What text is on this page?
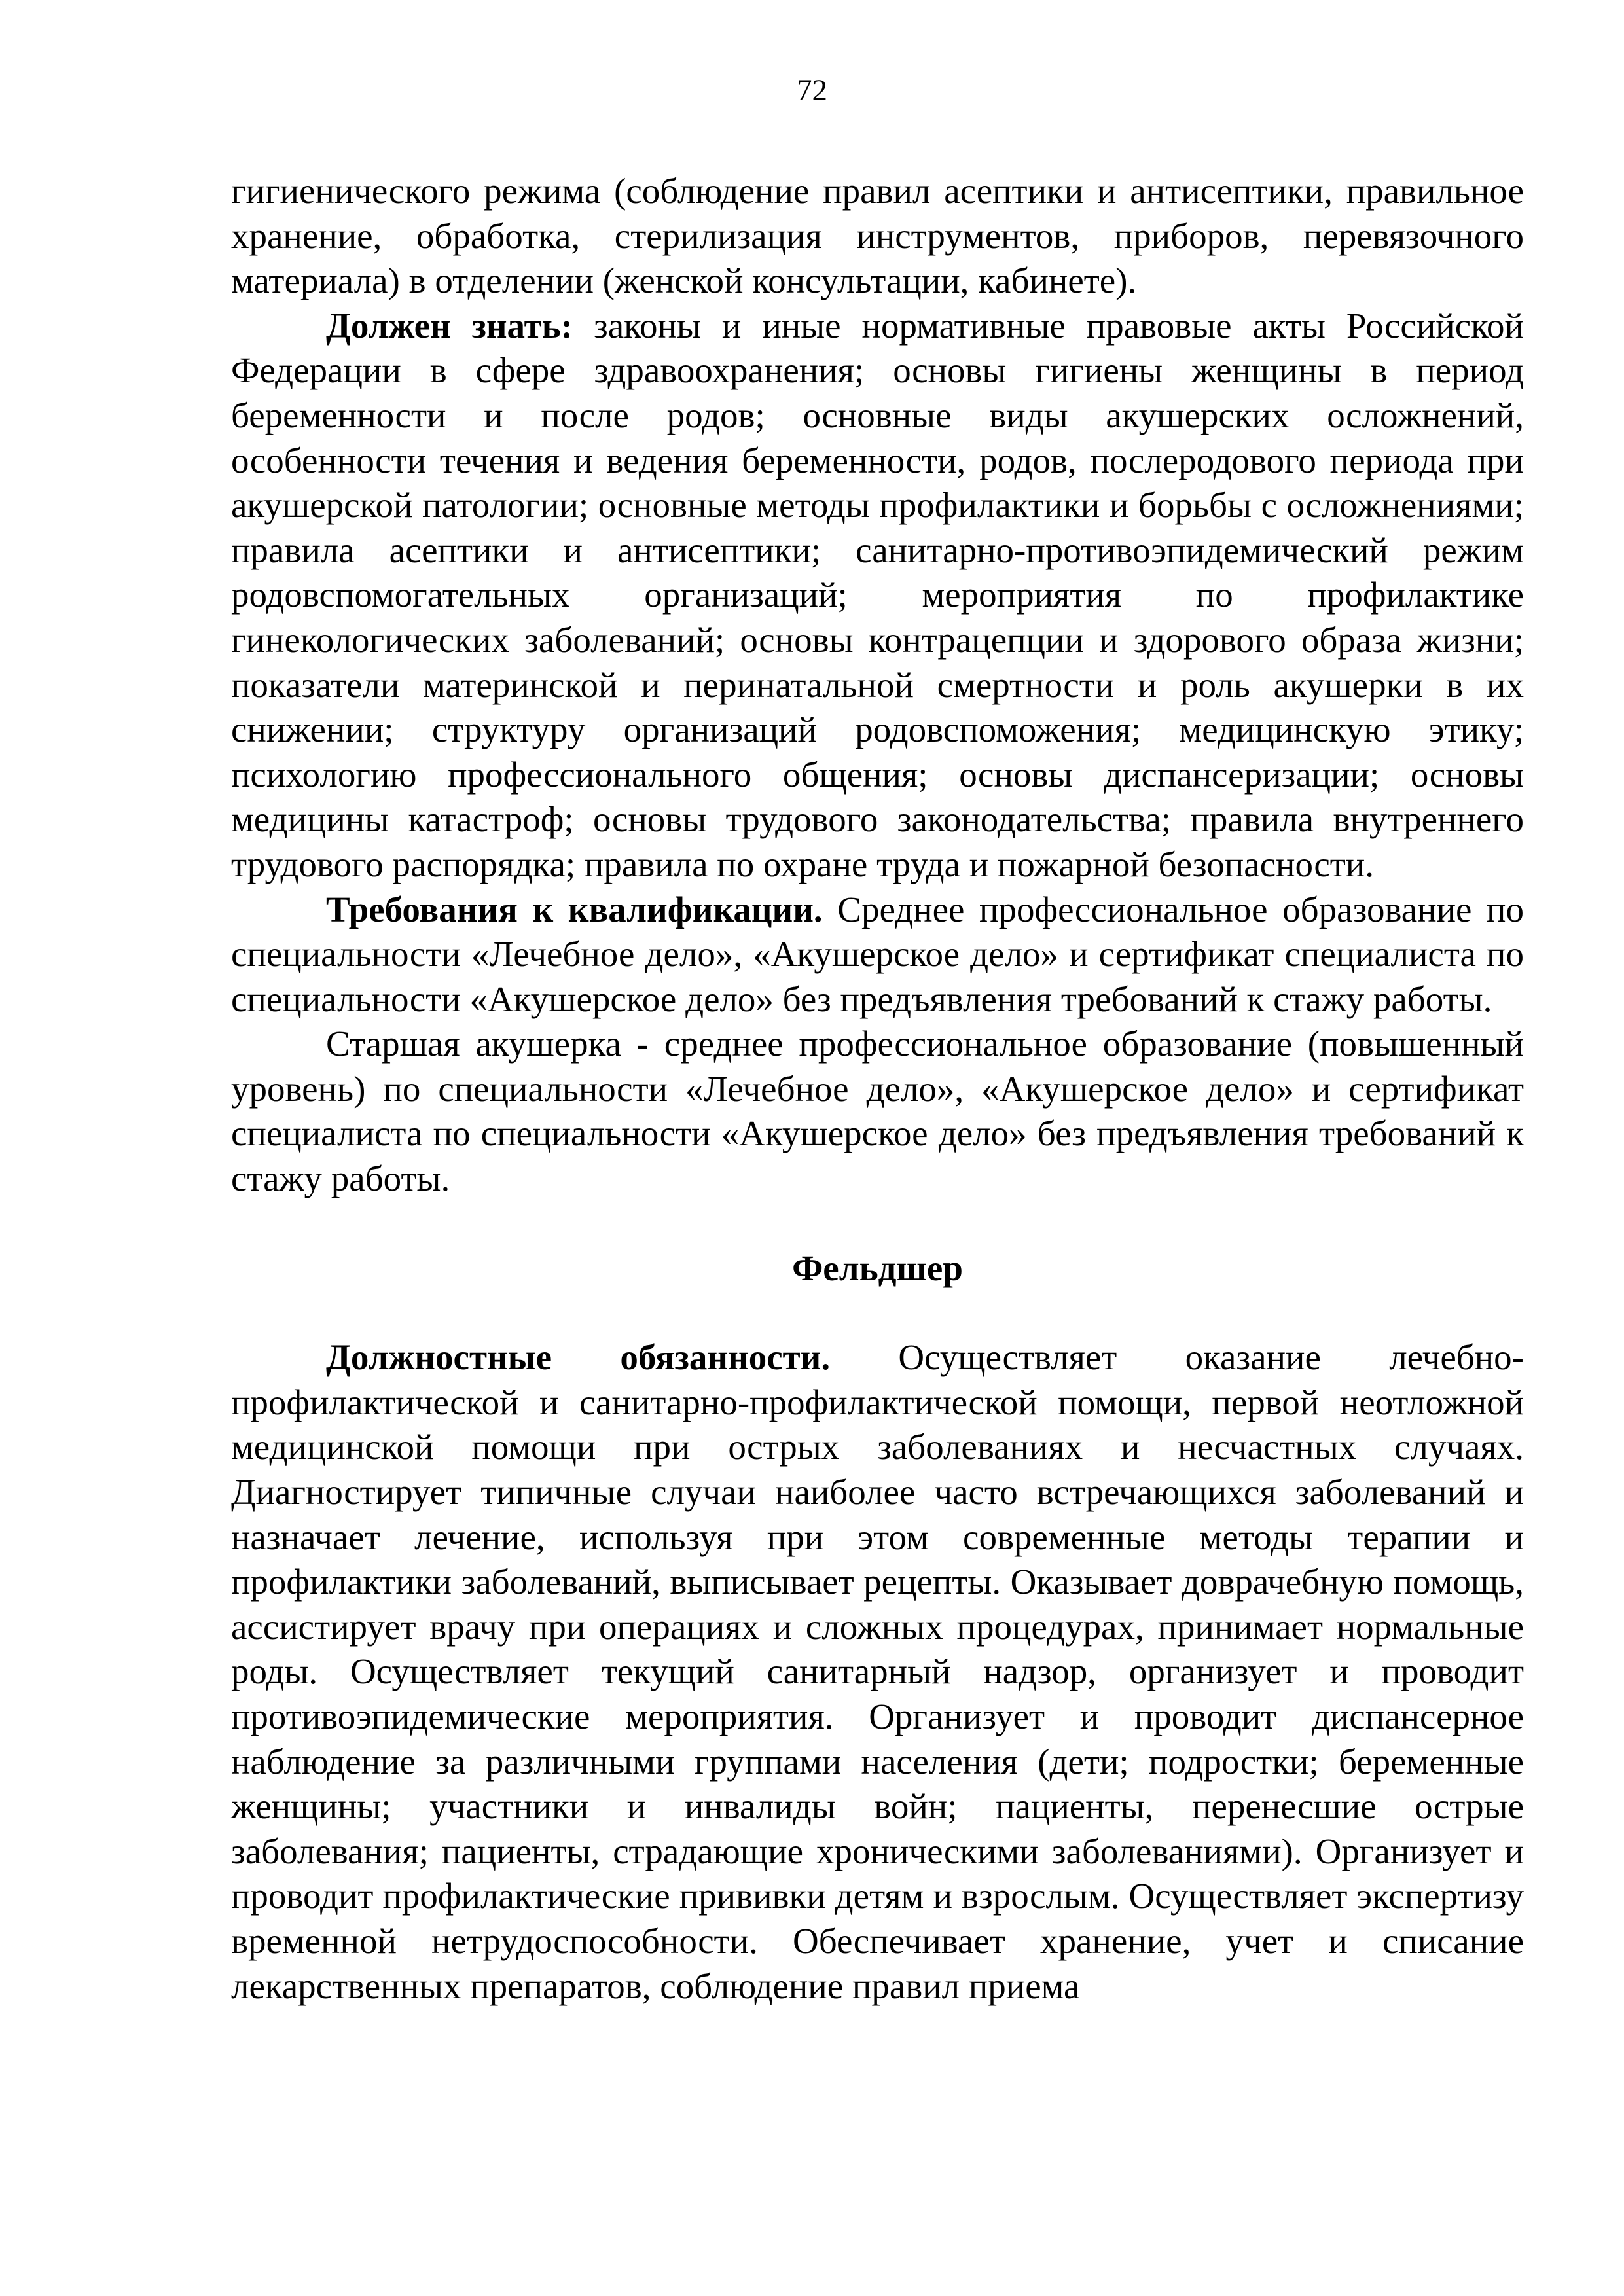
72

гигиенического режима (соблюдение правил асептики и антисептики, правильное хранение, обработка, стерилизация инструментов, приборов, перевязочного материала) в отделении (женской консультации, кабинете).

Должен знать: законы и иные нормативные правовые акты Российской Федерации в сфере здравоохранения; основы гигиены женщины в период беременности и после родов; основные виды акушерских осложнений, особенности течения и ведения беременности, родов, послеродового периода при акушерской патологии; основные методы профилактики и борьбы с осложнениями; правила асептики и антисептики; санитарно-противоэпидемический режим родовспомогательных организаций; мероприятия по профилактике гинекологических заболеваний; основы контрацепции и здорового образа жизни; показатели материнской и перинатальной смертности и роль акушерки в их снижении; структуру организаций родовспоможения; медицинскую этику; психологию профессионального общения; основы диспансеризации; основы медицины катастроф; основы трудового законодательства; правила внутреннего трудового распорядка; правила по охране труда и пожарной безопасности.

Требования к квалификации. Среднее профессиональное образование по специальности «Лечебное дело», «Акушерское дело» и сертификат специалиста по специальности «Акушерское дело» без предъявления требований к стажу работы.

Старшая акушерка - среднее профессиональное образование (повышенный уровень) по специальности «Лечебное дело», «Акушерское дело» и сертификат специалиста по специальности «Акушерское дело» без предъявления требований к стажу работы.

Фельдшер

Должностные обязанности. Осуществляет оказание лечебно-профилактической и санитарно-профилактической помощи, первой неотложной медицинской помощи при острых заболеваниях и несчастных случаях. Диагностирует типичные случаи наиболее часто встречающихся заболеваний и назначает лечение, используя при этом современные методы терапии и профилактики заболеваний, выписывает рецепты. Оказывает доврачебную помощь, ассистирует врачу при операциях и сложных процедурах, принимает нормальные роды. Осуществляет текущий санитарный надзор, организует и проводит противоэпидемические мероприятия. Организует и проводит диспансерное наблюдение за различными группами населения (дети; подростки; беременные женщины; участники и инвалиды войн; пациенты, перенесшие острые заболевания; пациенты, страдающие хроническими заболеваниями). Организует и проводит профилактические прививки детям и взрослым. Осуществляет экспертизу временной нетрудоспособности. Обеспечивает хранение, учет и списание лекарственных препаратов, соблюдение правил приема
